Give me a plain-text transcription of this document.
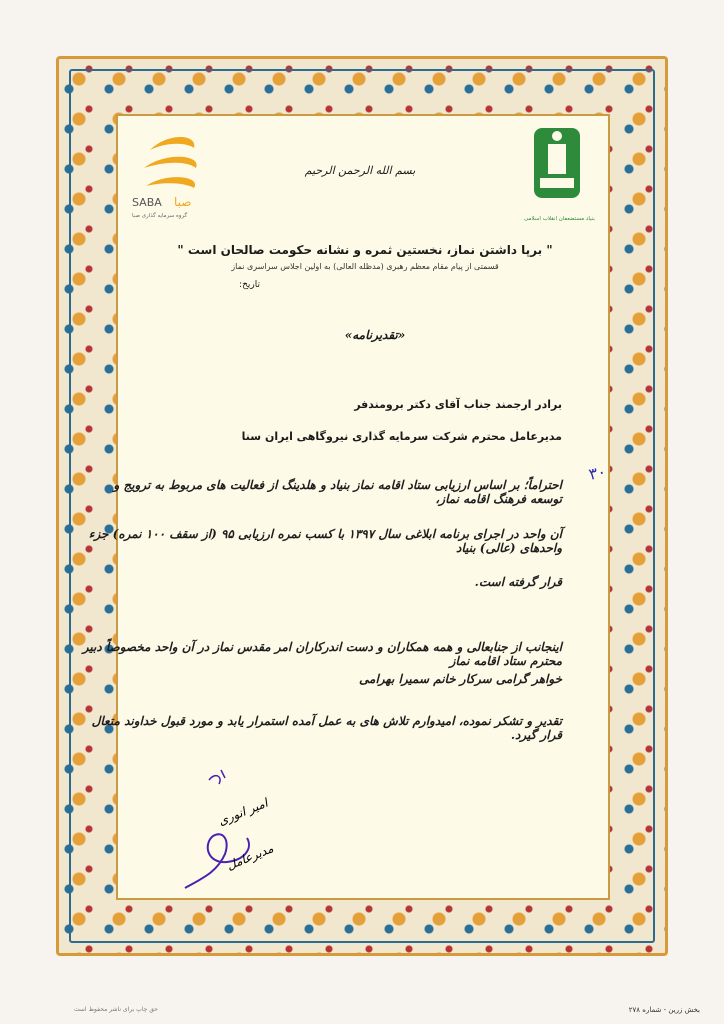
SABA صبا
گروه سرمایه گذاری صبا	بنیاد مستضعفان انقلاب اسلامی
بسم الله الرحمن الرحیم
" برپا داشتن نماز، نخستین ثمره و نشانه حکومت صالحان است "
قسمتی از پیام مقام معظم رهبری (مدظله العالی) به اولین اجلاس سراسری نماز
تاریخ:
«تقدیرنامه»
برادر ارجمند جناب آقای دکتر برومندفر
مدیرعامل محترم شرکت سرمایه گذاری نیروگاهی ایران سنا
احتراماً؛ بر اساس ارزیابی ستاد اقامه نماز بنیاد و هلدینگ از فعالیت های مربوط به ترویج و توسعه فرهنگ اقامه نماز،
آن واحد در اجرای برنامه ابلاغی سال ۱۳۹۷ با کسب نمره ارزیابی ۹۵ (از سقف ۱۰۰ نمره) جزء واحدهای (عالی) بنیاد
قرار گرفته است.
اینجانب از جنابعالی و همه همکاران و دست اندرکاران امر مقدس نماز در آن واحد مخصوصاً دبیر محترم ستاد اقامه نماز
خواهر گرامی سرکار خانم سمیرا بهرامی
تقدیر و تشکر نموده، امیدوارم تلاش های به عمل آمده استمرار یابد و مورد قبول خداوند متعال قرار گیرد.
۳۰
امیر انوری
مدیرعامل
حق چاپ برای ناشر محفوظ است	بخش زرین - شماره ۲۷۸
